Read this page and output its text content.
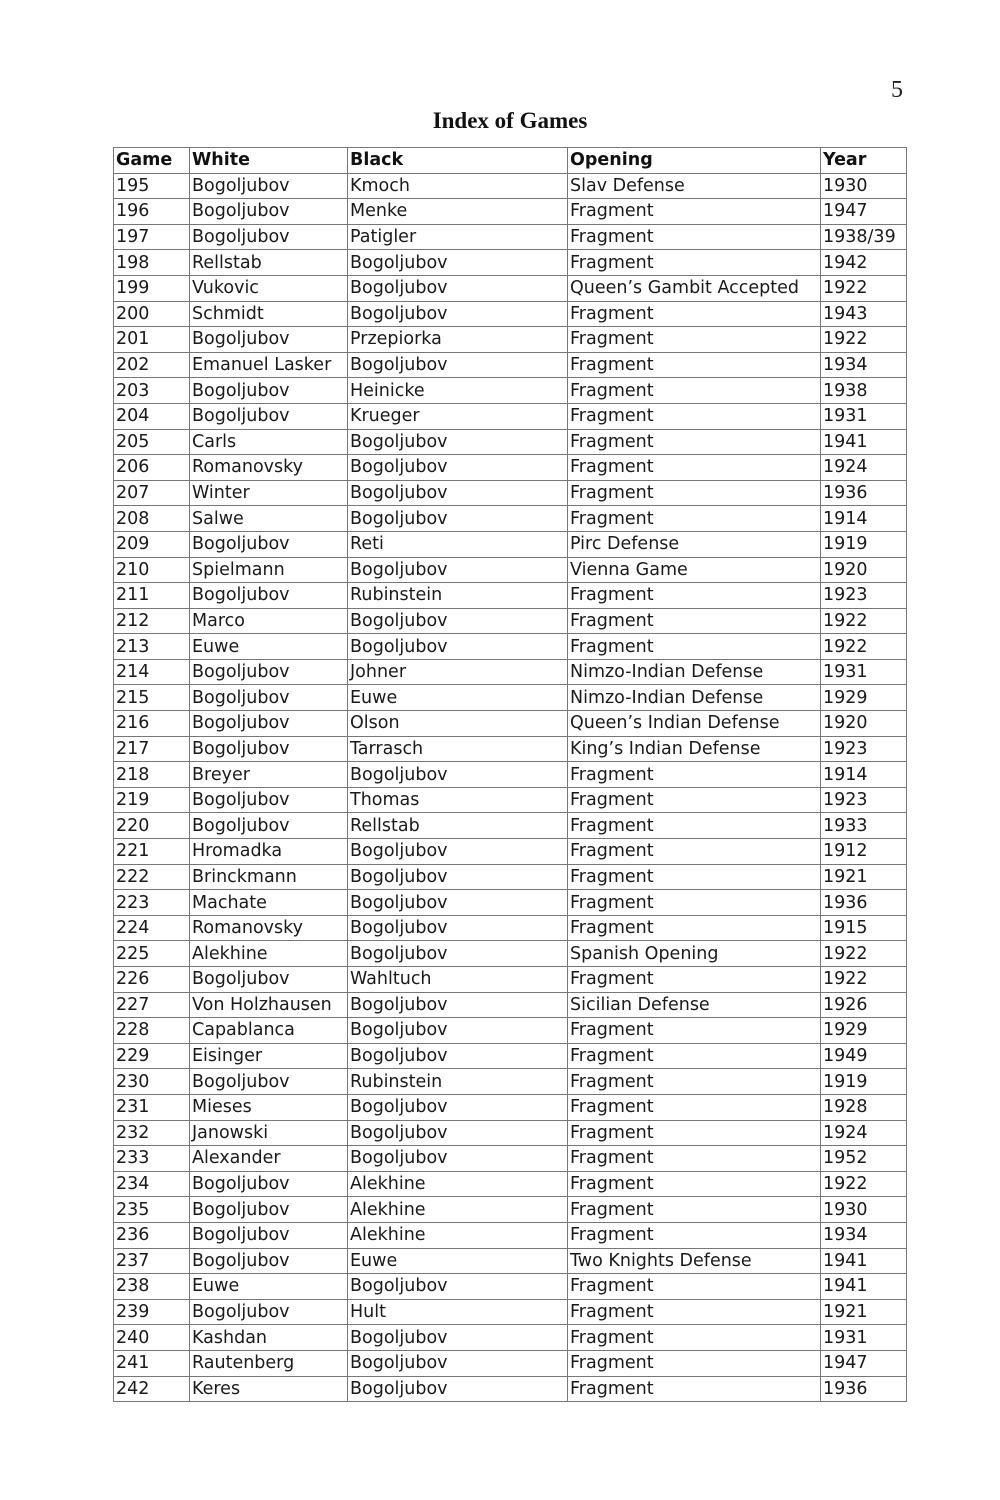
5
Index of Games
Game	White	Black	Opening	Year
195	Bogoljubov	Kmoch	Slav Defense	1930
196	Bogoljubov	Menke	Fragment	1947
197	Bogoljubov	Patigler	Fragment	1938/39
198	Rellstab	Bogoljubov	Fragment	1942
199	Vukovic	Bogoljubov	Queen’s Gambit Accepted	1922
200	Schmidt	Bogoljubov	Fragment	1943
201	Bogoljubov	Przepiorka	Fragment	1922
202	Emanuel Lasker	Bogoljubov	Fragment	1934
203	Bogoljubov	Heinicke	Fragment	1938
204	Bogoljubov	Krueger	Fragment	1931
205	Carls	Bogoljubov	Fragment	1941
206	Romanovsky	Bogoljubov	Fragment	1924
207	Winter	Bogoljubov	Fragment	1936
208	Salwe	Bogoljubov	Fragment	1914
209	Bogoljubov	Reti	Pirc Defense	1919
210	Spielmann	Bogoljubov	Vienna Game	1920
211	Bogoljubov	Rubinstein	Fragment	1923
212	Marco	Bogoljubov	Fragment	1922
213	Euwe	Bogoljubov	Fragment	1922
214	Bogoljubov	Johner	Nimzo-Indian Defense	1931
215	Bogoljubov	Euwe	Nimzo-Indian Defense	1929
216	Bogoljubov	Olson	Queen’s Indian Defense	1920
217	Bogoljubov	Tarrasch	King’s Indian Defense	1923
218	Breyer	Bogoljubov	Fragment	1914
219	Bogoljubov	Thomas	Fragment	1923
220	Bogoljubov	Rellstab	Fragment	1933
221	Hromadka	Bogoljubov	Fragment	1912
222	Brinckmann	Bogoljubov	Fragment	1921
223	Machate	Bogoljubov	Fragment	1936
224	Romanovsky	Bogoljubov	Fragment	1915
225	Alekhine	Bogoljubov	Spanish Opening	1922
226	Bogoljubov	Wahltuch	Fragment	1922
227	Von Holzhausen	Bogoljubov	Sicilian Defense	1926
228	Capablanca	Bogoljubov	Fragment	1929
229	Eisinger	Bogoljubov	Fragment	1949
230	Bogoljubov	Rubinstein	Fragment	1919
231	Mieses	Bogoljubov	Fragment	1928
232	Janowski	Bogoljubov	Fragment	1924
233	Alexander	Bogoljubov	Fragment	1952
234	Bogoljubov	Alekhine	Fragment	1922
235	Bogoljubov	Alekhine	Fragment	1930
236	Bogoljubov	Alekhine	Fragment	1934
237	Bogoljubov	Euwe	Two Knights Defense	1941
238	Euwe	Bogoljubov	Fragment	1941
239	Bogoljubov	Hult	Fragment	1921
240	Kashdan	Bogoljubov	Fragment	1931
241	Rautenberg	Bogoljubov	Fragment	1947
242	Keres	Bogoljubov	Fragment	1936
